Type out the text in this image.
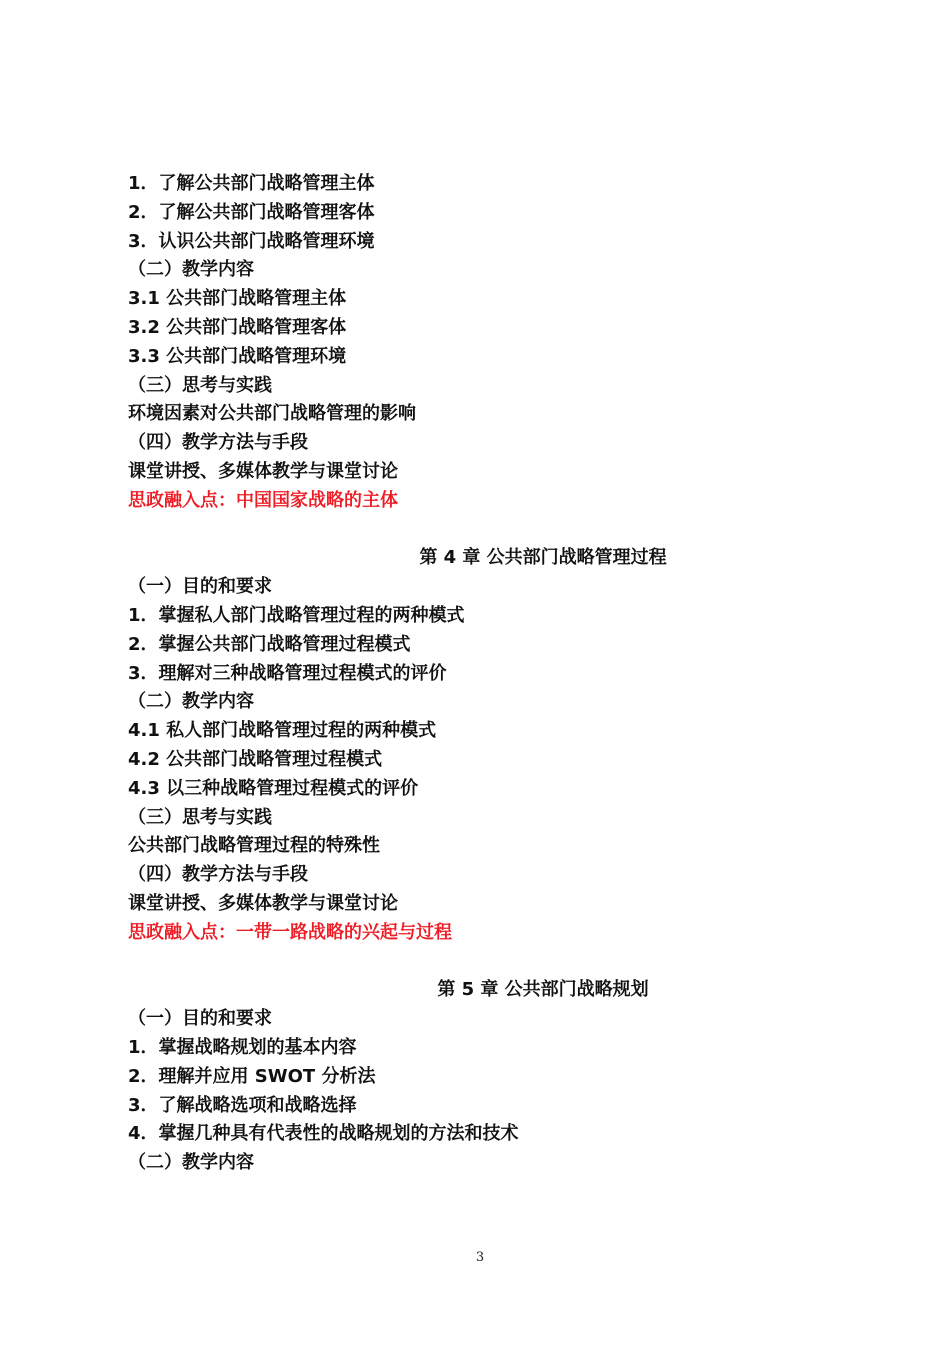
1．了解公共部门战略管理主体
2．了解公共部门战略管理客体
3．认识公共部门战略管理环境
（二）教学内容
3.1 公共部门战略管理主体
3.2 公共部门战略管理客体
3.3 公共部门战略管理环境
（三）思考与实践
环境因素对公共部门战略管理的影响
（四）教学方法与手段
课堂讲授、多媒体教学与课堂讨论
思政融入点：中国国家战略的主体
第 4 章 公共部门战略管理过程
（一）目的和要求
1．掌握私人部门战略管理过程的两种模式
2．掌握公共部门战略管理过程模式
3．理解对三种战略管理过程模式的评价
（二）教学内容
4.1 私人部门战略管理过程的两种模式
4.2 公共部门战略管理过程模式
4.3 以三种战略管理过程模式的评价
（三）思考与实践
公共部门战略管理过程的特殊性
（四）教学方法与手段
课堂讲授、多媒体教学与课堂讨论
思政融入点：一带一路战略的兴起与过程
第 5 章 公共部门战略规划
（一）目的和要求
1．掌握战略规划的基本内容
2．理解并应用 SWOT 分析法
3．了解战略选项和战略选择
4．掌握几种具有代表性的战略规划的方法和技术
（二）教学内容
3
